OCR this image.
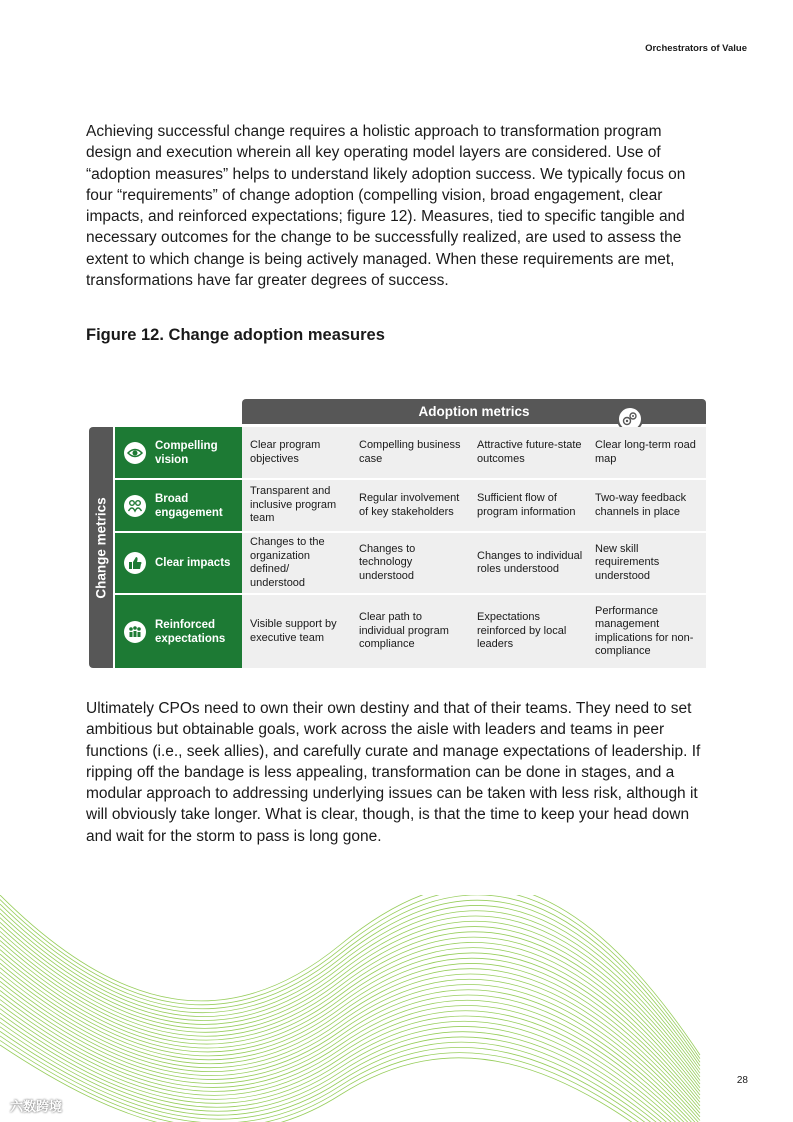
Orchestrators of Value

Achieving successful change requires a holistic approach to transformation program design and execution wherein all key operating model layers are considered. Use of “adoption measures” helps to understand likely adoption success. We typically focus on four “requirements” of change adoption (compelling vision, broad engagement, clear impacts, and reinforced expectations; figure 12). Measures, tied to specific tangible and necessary outcomes for the change to be successfully realized, are used to assess the extent to which change is being actively managed. When these requirements are met, transformations have far greater degrees of success.

Figure 12. Change adoption measures
Adoption metrics
Change metrics
Compelling vision
Clear program objectives
Compelling business case
Attractive future-state outcomes
Clear long-term road map
Broad engagement
Transparent and inclusive program team
Regular involvement of key stakeholders
Sufficient flow of program information
Two-way feedback channels in place
Clear impacts
Changes to the organization defined/ understood
Changes to technology understood
Changes to individual roles understood
New skill requirements understood
Reinforced expectations
Visible support by executive team
Clear path to individual program compliance
Expectations reinforced by local leaders
Performance management implications for non-compliance

Ultimately CPOs need to own their own destiny and that of their teams. They need to set ambitious but obtainable goals, work across the aisle with leaders and teams in peer functions (i.e., seek allies), and carefully curate and manage expectations of leadership. If ripping off the bandage is less appealing, transformation can be done in stages, and a modular approach to addressing underlying issues can be taken with less risk, although it will obviously take longer. What is clear, though, is that the time to keep your head down and wait for the storm to pass is long gone.

28
六数跨境
